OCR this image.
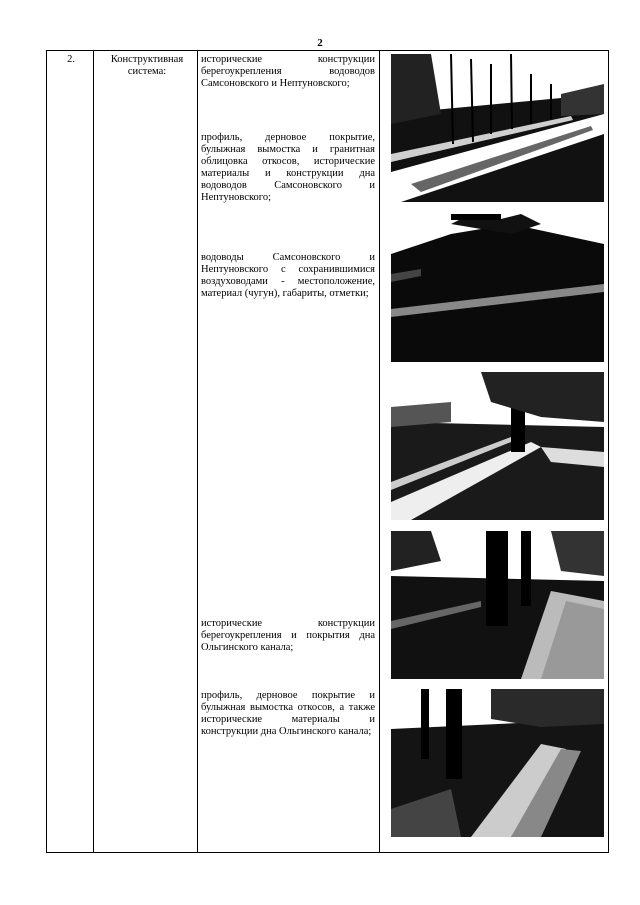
2
2.	Конструктивная система:

исторические конструкции берегоукрепления водоводов Самсоновского и Нептуновского;

профиль, дерновое покрытие, булыжная вымостка и гранитная облицовка откосов, исторические материалы и конструкции дна водоводов Самсоновского и Нептуновского;

водоводы Самсоновского и Нептуновского с сохранившимися воздуховодами - местоположение, материал (чугун), габариты, отметки;

исторические конструкции берегоукрепления и покрытия дна Ольгинского канала;

профиль, дерновое покрытие и булыжная вымостка откосов, а также исторические материалы и конструкции дна Ольгинского канала;
